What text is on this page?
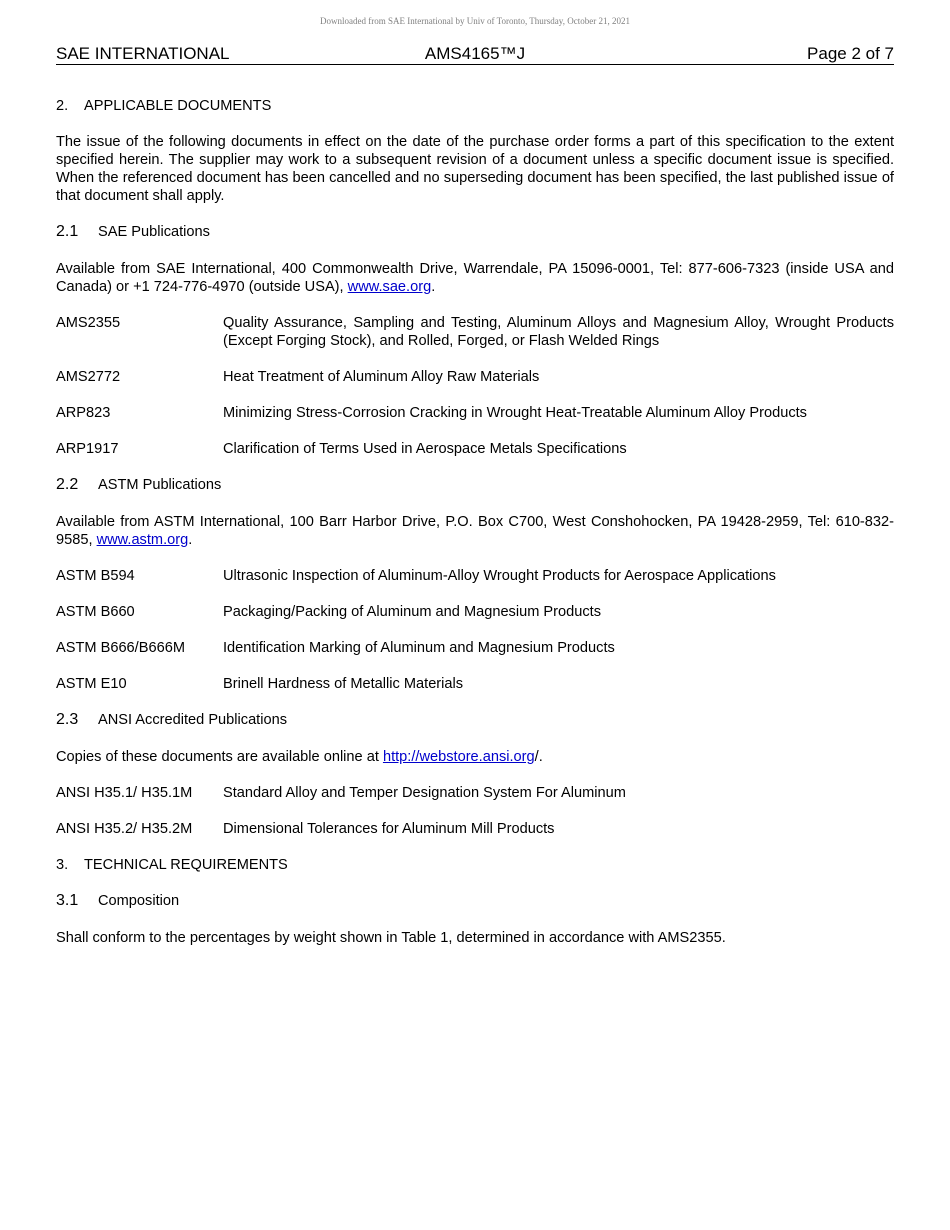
Downloaded from SAE International by Univ of Toronto, Thursday, October 21, 2021
SAE INTERNATIONAL	AMS4165™J	Page 2 of 7
2. APPLICABLE DOCUMENTS
The issue of the following documents in effect on the date of the purchase order forms a part of this specification to the extent specified herein. The supplier may work to a subsequent revision of a document unless a specific document issue is specified. When the referenced document has been cancelled and no superseding document has been specified, the last published issue of that document shall apply.
2.1 SAE Publications
Available from SAE International, 400 Commonwealth Drive, Warrendale, PA 15096-0001, Tel: 877-606-7323 (inside USA and Canada) or +1 724-776-4970 (outside USA), www.sae.org.
AMS2355	Quality Assurance, Sampling and Testing, Aluminum Alloys and Magnesium Alloy, Wrought Products (Except Forging Stock), and Rolled, Forged, or Flash Welded Rings
AMS2772	Heat Treatment of Aluminum Alloy Raw Materials
ARP823	Minimizing Stress-Corrosion Cracking in Wrought Heat-Treatable Aluminum Alloy Products
ARP1917	Clarification of Terms Used in Aerospace Metals Specifications
2.2 ASTM Publications
Available from ASTM International, 100 Barr Harbor Drive, P.O. Box C700, West Conshohocken, PA 19428-2959, Tel: 610-832-9585, www.astm.org.
ASTM B594	Ultrasonic Inspection of Aluminum-Alloy Wrought Products for Aerospace Applications
ASTM B660	Packaging/Packing of Aluminum and Magnesium Products
ASTM B666/B666M	Identification Marking of Aluminum and Magnesium Products
ASTM E10	Brinell Hardness of Metallic Materials
2.3 ANSI Accredited Publications
Copies of these documents are available online at http://webstore.ansi.org/.
ANSI H35.1/ H35.1M	Standard Alloy and Temper Designation System For Aluminum
ANSI H35.2/ H35.2M	Dimensional Tolerances for Aluminum Mill Products
3. TECHNICAL REQUIREMENTS
3.1 Composition
Shall conform to the percentages by weight shown in Table 1, determined in accordance with AMS2355.
